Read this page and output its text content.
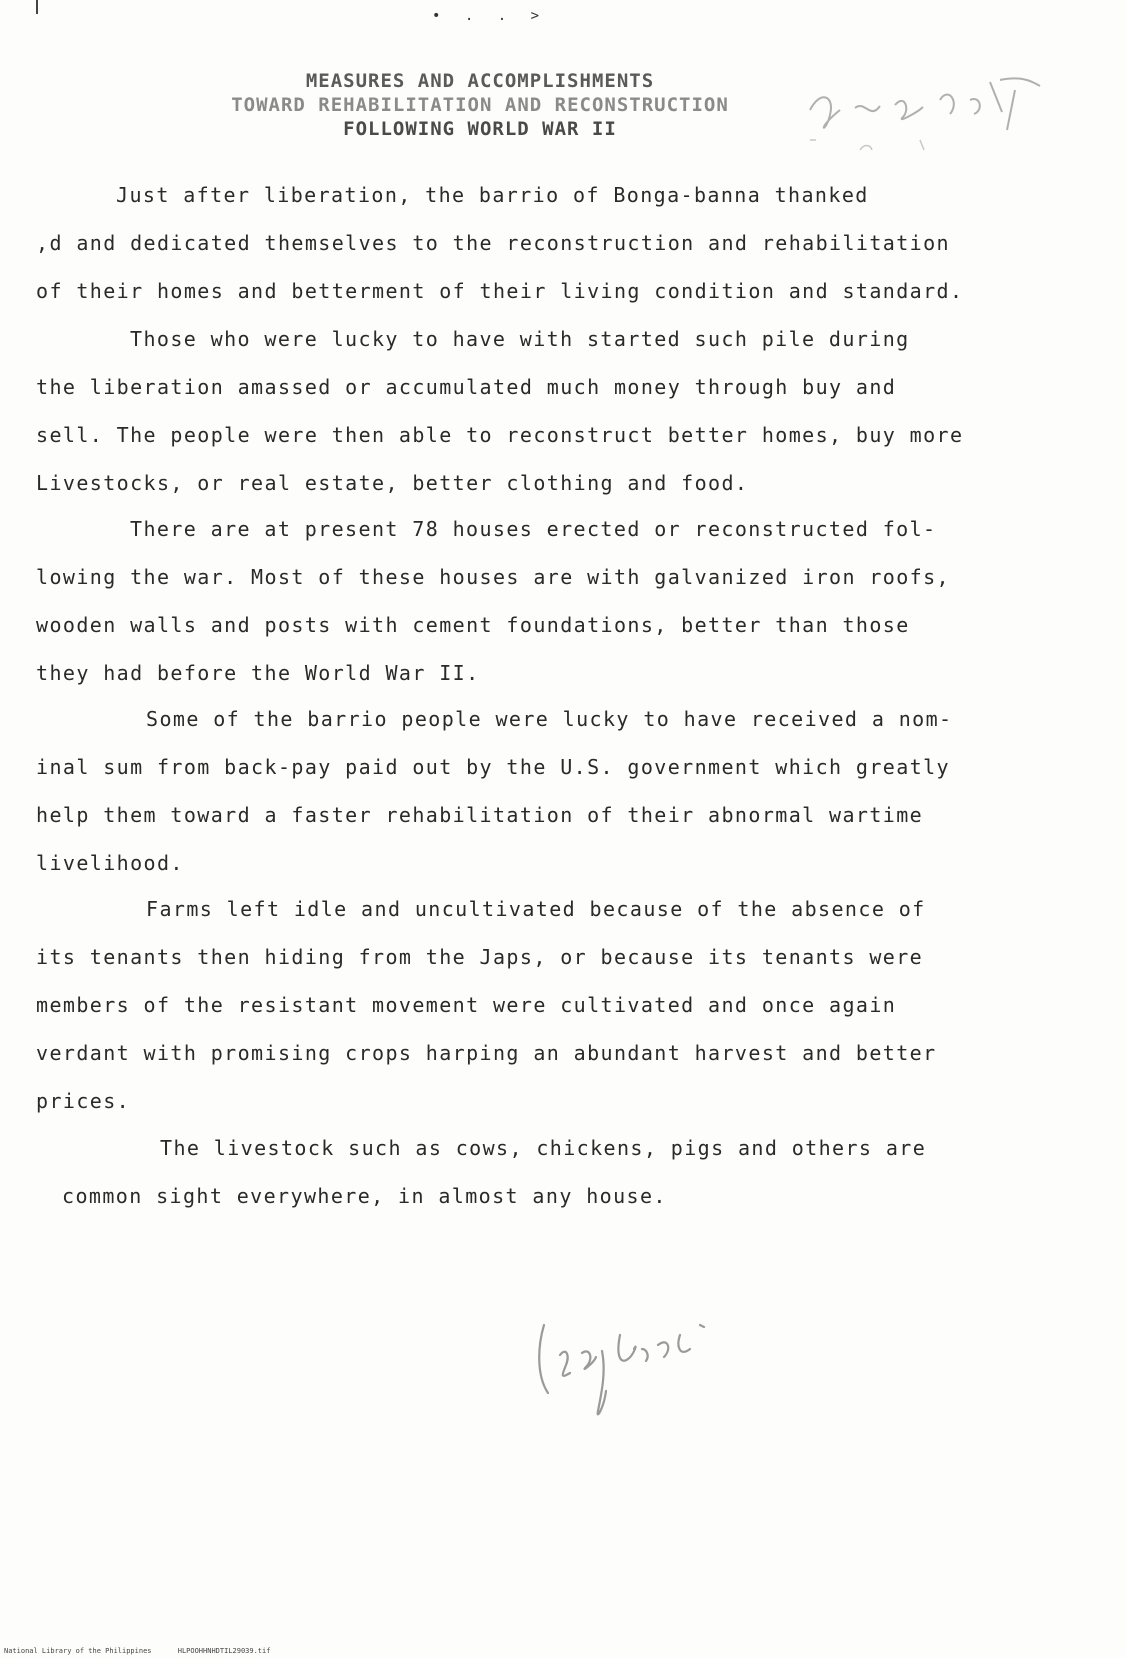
• . . >
MEASURES AND ACCOMPLISHMENTS
TOWARD REHABILITATION AND RECONSTRUCTION
FOLLOWING WORLD WAR II
Just after liberation, the barrio of Bonga-banna thanked
,d and dedicated themselves to the reconstruction and rehabilitation
of their homes and betterment of their living condition and standard.
Those who were lucky to have with started such pile during
the liberation amassed or accumulated much money through buy and
sell. The people were then able to reconstruct better homes, buy more
Livestocks, or real estate, better clothing and food.
There are at present 78 houses erected or reconstructed fol-
lowing the war. Most of these houses are with galvanized iron roofs,
wooden walls and posts with cement foundations, better than those
they had before the World War II.
Some of the barrio people were lucky to have received a nom-
inal sum from back-pay paid out by the U.S. government which greatly
help them toward a faster rehabilitation of their abnormal wartime
livelihood.
Farms left idle and uncultivated because of the absence of
its tenants then hiding from the Japs, or because its tenants were
members of the resistant movement were cultivated and once again
verdant with promising crops harping an abundant harvest and better
prices.
The livestock such as cows, chickens, pigs and others are
common sight everywhere, in almost any house.
National Library of the Philippines	HLPOOHHNHDTIL29039.tif
